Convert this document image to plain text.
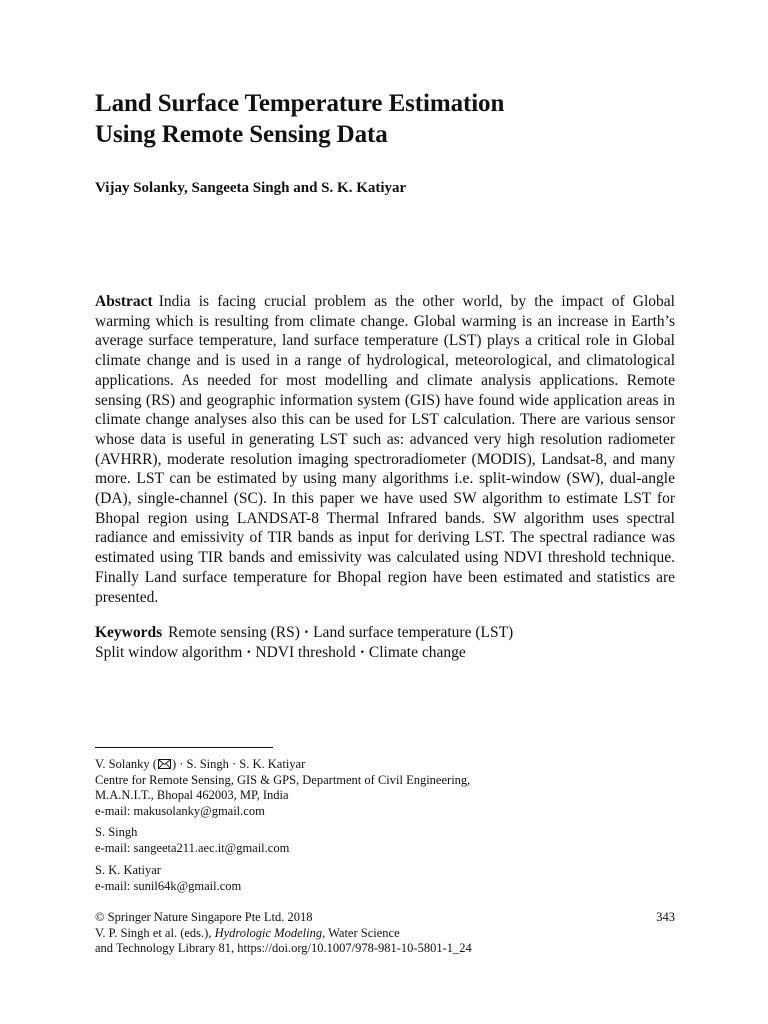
Land Surface Temperature Estimation
Using Remote Sensing Data

Vijay Solanky, Sangeeta Singh and S. K. Katiyar

Abstract India is facing crucial problem as the other world, by the impact of Global warming which is resulting from climate change. Global warming is an increase in Earth’s average surface temperature, land surface temperature (LST) plays a critical role in Global climate change and is used in a range of hydrological, meteorological, and climatological applications. As needed for most modelling and climate analysis applications. Remote sensing (RS) and geographic information system (GIS) have found wide application areas in climate change analyses also this can be used for LST calculation. There are various sensor whose data is useful in generating LST such as: advanced very high resolution radiometer (AVHRR), moderate resolution imaging spectroradiometer (MODIS), Landsat-8, and many more. LST can be estimated by using many algorithms i.e. split-window (SW), dual-angle (DA), single-channel (SC). In this paper we have used SW algorithm to estimate LST for Bhopal region using LANDSAT-8 Thermal Infrared bands. SW algorithm uses spectral radiance and emissivity of TIR bands as input for deriving LST. The spectral radiance was estimated using TIR bands and emissivity was calculated using NDVI threshold technique. Finally Land surface temperature for Bhopal region have been estimated and statistics are presented.

Keywords Remote sensing (RS) · Land surface temperature (LST)
Split window algorithm · NDVI threshold · Climate change

V. Solanky ( ) · S. Singh · S. K. Katiyar
Centre for Remote Sensing, GIS & GPS, Department of Civil Engineering,
M.A.N.I.T., Bhopal 462003, MP, India
e-mail: makusolanky@gmail.com
S. Singh
e-mail: sangeeta211.aec.it@gmail.com
S. K. Katiyar
e-mail: sunil64k@gmail.com
© Springer Nature Singapore Pte Ltd. 2018
V. P. Singh et al. (eds.), Hydrologic Modeling, Water Science
and Technology Library 81, https://doi.org/10.1007/978-981-10-5801-1_24
343
